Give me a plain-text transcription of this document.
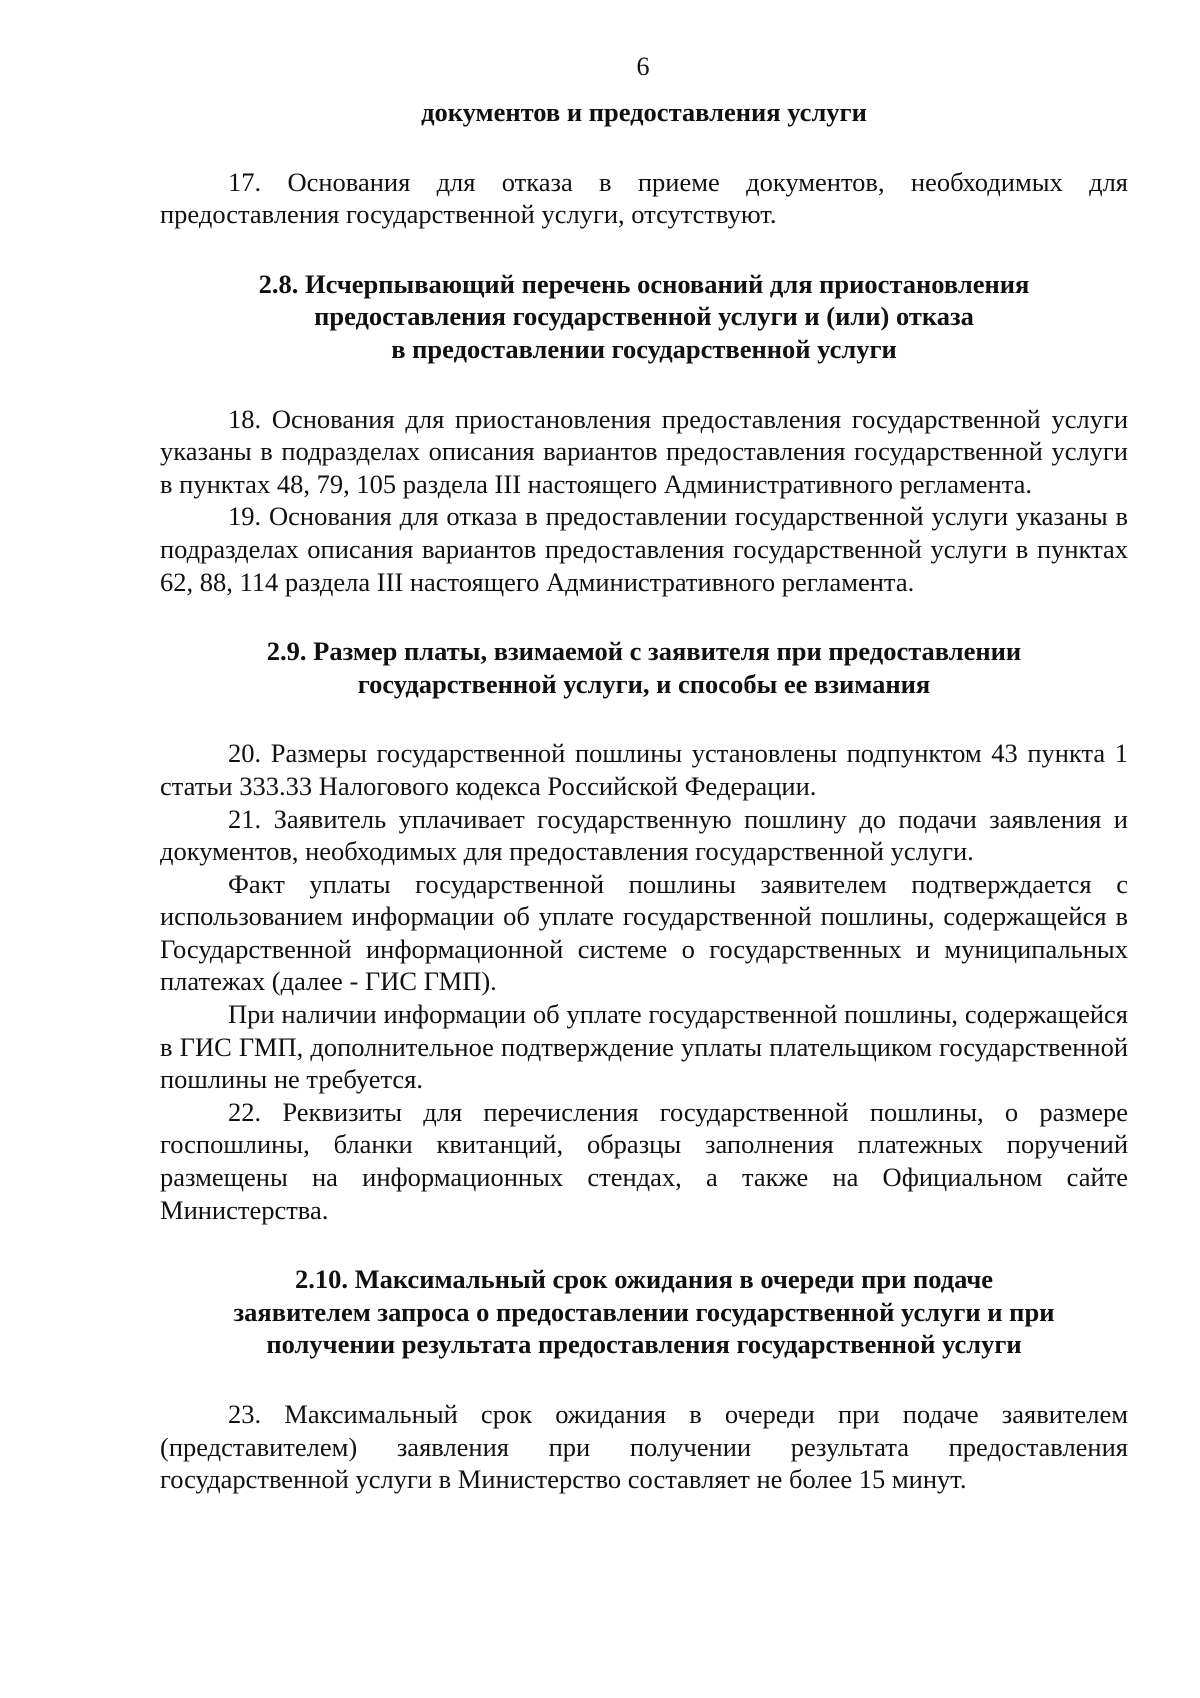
6
документов и предоставления услуги

17. Основания для отказа в приеме документов, необходимых для предоставления государственной услуги, отсутствуют.

2.8. Исчерпывающий перечень оснований для приостановления
предоставления государственной услуги и (или) отказа
в предоставлении государственной услуги

18. Основания для приостановления предоставления государственной услуги указаны в подразделах описания вариантов предоставления государственной услуги в пунктах 48, 79, 105 раздела III настоящего Административного регламента.

19. Основания для отказа в предоставлении государственной услуги указаны в подразделах описания вариантов предоставления государственной услуги в пунктах 62, 88, 114 раздела III настоящего Административного регламента.

2.9. Размер платы, взимаемой с заявителя при предоставлении
государственной услуги, и способы ее взимания

20. Размеры государственной пошлины установлены подпунктом 43 пункта 1 статьи 333.33 Налогового кодекса Российской Федерации.

21. Заявитель уплачивает государственную пошлину до подачи заявления и документов, необходимых для предоставления государственной услуги.

Факт уплаты государственной пошлины заявителем подтверждается с использованием информации об уплате государственной пошлины, содержащейся в Государственной информационной системе о государственных и муниципальных платежах (далее - ГИС ГМП).

При наличии информации об уплате государственной пошлины, содержащейся в ГИС ГМП, дополнительное подтверждение уплаты плательщиком государственной пошлины не требуется.

22. Реквизиты для перечисления государственной пошлины, о размере госпошлины, бланки квитанций, образцы заполнения платежных поручений размещены на информационных стендах, а также на Официальном сайте Министерства.

2.10. Максимальный срок ожидания в очереди при подаче
заявителем запроса о предоставлении государственной услуги и при
получении результата предоставления государственной услуги

23. Максимальный срок ожидания в очереди при подаче заявителем (представителем) заявления при получении результата предоставления государственной услуги в Министерство составляет не более 15 минут.
